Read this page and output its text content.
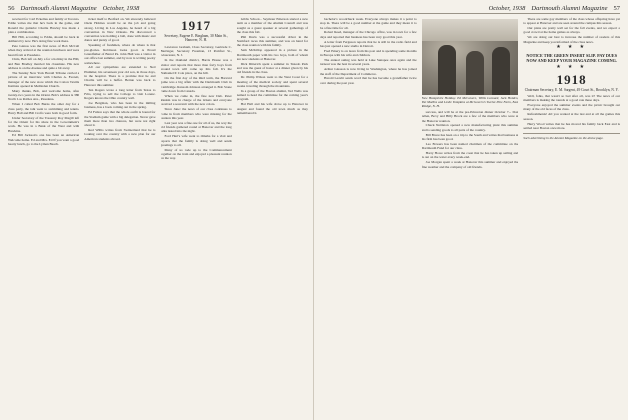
56 Dartmouth Alumni Magazine October, 1938

received for Carl Eckelius and family at Toronto. Eddie writes me that he's back in the game, and Ronald the guitarist Charlie Hawley has made a plan a combination.

Bill Hill, according to Eddie, should be back in Amherst by now. He's doing fine work there.

Pete Gianos was the first news of Bob McCall when they arrived at the reunion luncheon and were heard from at Pasadena.

Chris, Bob left on July a for a holiday in the Hill, and Ben Bradley married his classmate. His new address is on the Avenue and quite a bit away.

The Sunday New York Herald Tribune carried a picture of an interview with Charles A. Everett, manager of the new store which the Cotton Textile Institute opened in Metlinden Church.

Many thanks, Bob, and welcome home, after twenty-two years in the Orient. Bob's address is 380 North Los Robles Ave., Pasadena.

When I called Bob Burns the other day for a class party, the talk went to swimming and tennis. Harry Hall and Bill Crofts were both in good form.

Under Secretary of the Treasury Roy Magill left for the Orient for his share in the Government's work. He was in a Bank of the West and with Hawkins.

Ed Bill Jackson's one has been an American Welcome home. Ed and Mrs. Ed If you want a good hearty lunch, go to the Lyman Beach.

ticket itself to Bedford on. We sincerely believed Ozzie Holmes would be on the job and going strong. Living in Los Angeles, he heard of a big convention in New Orleans. He discovered a convention was holding a ball, done with music and dance and plenty of good.

Speaking of freshmen, where oh where is that pre-glories. Robinson looks good. A Proud Grandfather of Barrel Pa. John Hull was a visitor in our office last summer, and by now is writing poetry somewhere.

All our sympathies are extended to Ned Plummer, his seventeen year old son, in those days, in the hospital. There is a promise that he and Charlie will be a buffer. Bernie was back to Hanover this summer.

Ten Rogers wrote a long letter from Texas to Frits, trying to sell the College to visit Lorenz. Rogers knows the Ohio country well.

Joe Bergman, who has been in the milling business, has a book coming out in the spring.

Ed Fulton says that the whole outfit is bound for the Stadium game with a big delegation. Never gave them more than two chances, but were not right about it.

Red Willis writes from Switzerland that he is looking over the country with a new plan for our American students abroad.

1917
Secretary, Eugene E. Bingham, 30 Main St., Hanover, N. H.

Lawrence Graham, Class Secretary, Gertrude C. Barringer, Secretary Freeman, 13 Pomfret St., Gloucester, N. J.

In the Oakland district, Harris House was a visitor and reports that more than forty boys from around town will come up this fall. It's the Nathaniel P. Cole place, on the hill.

On the first day of the third term, the Harvard game was a big affair with the Dartmouth Club in Cambridge. Ransom Johnson arranged it. Bob Stone came down from Canada.

When we came in, the fine new Deb. Peter Rankin was in charge of the tickets and everyone received a souvenir with the new colors.

Since June: the news of our class continues to come in from members who were missing for the reunion this year.

Last year was a fine one for all of us, the way the old friends gathered round at Hanover and the long talks lasted into the night.

Ford Hart's wife went to Omaha for a visit and reports that the family is doing well and sends greetings to all.

Many of us rode up to the Commencement together on the train and enjoyed a pleasant reunion on the way.

Gibbs School... Seymour Emerson started a new term as a member of the Alumni Council and was sought as a guest speaker at several gatherings of the class this fall.

Phil Davis was a successful driver in the Stamford races this summer, and was on hand for the class reunion with his family.

Sam McKillop appeared in a picture in the Dartmouth paper with his two boys, both of whom are now students at Hanover.

Dick Ditterich spent a summer in Tuxedo Park and was the guest of honor at a dinner given by his old friends in the class.

Dr. Philip Wilson went to the West Coast for a meeting of the medical society and spent several weeks traveling through the mountains.

In a group of the Boston alumni, Ted Wells was named to head the committee for the coming year's program.

Hal Hall and his wife drove up to Hanover in August and found the old town much as they remembered it.

October, 1938 Dartmouth Alumni Magazine 57

bachelor's woodchuck week. Everyone always makes it a point to stop in. There will be a good number at the game and they mean it to be a fine time for all.

Robert Reed, manager of the Chicago office, was in town for a few days and reported that business has been very good this year.

A letter from Ferguson reports that he is still in the radio field and has just opened a new studio in Detroit.

Fred Emery is on leave from his post and is spending some months in Europe with his wife and children.

The annual outing was held at Lake Sunapee once again and the turnout was the best in several years.

Arthur Gleason is now living in Washington, where he has joined the staff of the Department of Commerce.

Harold Leavitt sends word that he has become a grandfather twice over during the past year.

New Hampshire Holiday. Ed McGovern, Willis Leonard, Jack Holden, Pat Mullins and Leslie Tompkins at McGovern's Twelve Pine Farm, East Rindge, N. H.

success, and will be at the pre-Princeton dinner October 7... Don Allen, Bovy and Billy Brock are a few of the members who were at the Hanover reunion.

Chuck Nettleton opened a new manufacturing plant this summer and is sending goods to all parts of the country.

Bill Bruce has been on a trip to the South and writes that business at his firm has been good.

Leo Bowers has been named chairman of the committee on the Dartmouth Fund for our class.

Harry Howe writes from the coast that he has taken up sailing and is out on the water every week-end.

Joe Morgan spent a week at Hanover this summer and enjoyed the fine weather and the company of old friends.

There are some gay members of the class whose offspring have yet to appear at Hanover and are seen around the campus this season.

Our plans are pretty well set for the fall events, and we expect a good crowd at the home games as always.

We are doing our best to increase the number of readers of this Magazine and keep you informed of the class news.

★ ★ ★
NOTICE THE GREEN INSERT SLIP. PAY DUES NOW AND KEEP YOUR MAGAZINE COMING.
★ ★ ★
1918
Chairman Secretary, E. M. Sargent, 49 Court St., Brooklyn, N. Y.

Well, folks, that wasn't so bad after all, was it? The news of our members is making the rounds at a good rate these days.

Everyone enjoyed the summer events and the picnic brought out many of the old faces of the class.

Refreshments! All you wanted at the last and at all the games this season.

Harry Wood writes that he has moved his family back East and is settled near Boston once more.

Such advertising in the Alumni Magazine on the above page.
